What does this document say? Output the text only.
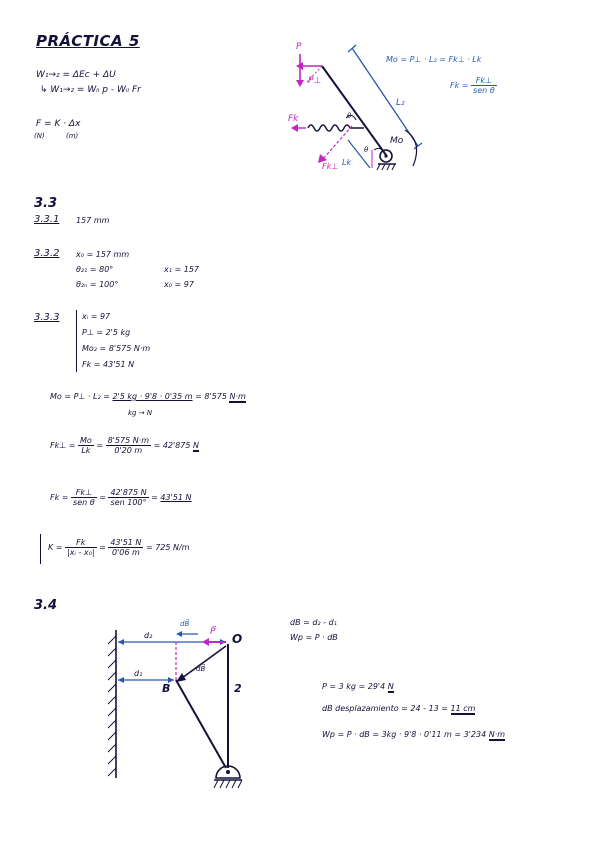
PRÁCTICA 5
W₁→₂ = ΔEc + ΔU
↳ W₁→₂ = Wᵢᵢ p - Wᵢᵢ Fr
F = K · Δx
(N)	(m)
P
P⊥
Fk
Fk⊥
L₂
Lk
Mo
θ
θ
Mo = P⊥ · L₂ = Fk⊥ · Lk
$Fk = \frac{Fk\perp}{\text{sen θ}}$
3.3
3.3.1 157 mm
3.3.2 x₀ = 157 mm
θ₂₁ = 80°	x₁ = 157
θ₂ₙ = 100°	x₀ = 97
3.3.3	xᵢ = 97
P⊥ = 2'5 kg
Mo₂ = 8'575 N·m
Fk = 43'51 N
Mo = P⊥ · L₂ = 2'5 kg · 9'8 · 0'35 m = 8'575 N·m
kg → N
Fk⊥ = $\frac{Mo}{Lk} = \frac{8'575 N\cdot m}{0'20 m} = 42'875$ N
$Fk = \frac{Fk\perp}{\text{sen θ}} = \frac{42'875 N}{\text{sen 100°}} = 43'51$ N
$K = \frac{Fk}{\text{|xᵢ - x₀|}} = \frac{43'51 N}{0'06 m} = 725$ N/m
3.4
dB⃗
P⃗ O
d₂
d₁
B
dB⃗
2
dB = d₂ - d₁
Wp = P · dB
P = 3 kg = 29'4 N
dB desplazamiento = 24 - 13 = 11 cm
Wp = P · dB = 3kg · 9'8 · 0'11 m = 3'234 N·m
